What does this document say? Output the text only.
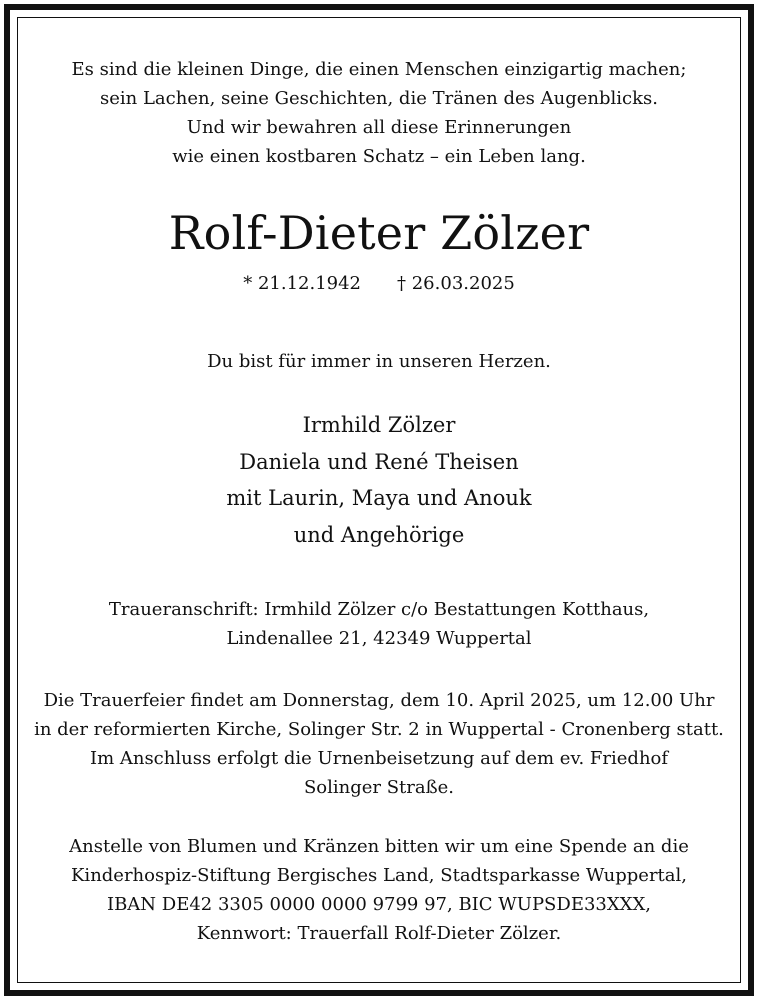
Es sind die kleinen Dinge, die einen Menschen einzigartig machen;
sein Lachen, seine Geschichten, die Tränen des Augenblicks.
Und wir bewahren all diese Erinnerungen
wie einen kostbaren Schatz – ein Leben lang.
Rolf-Dieter Zölzer
* 21.12.1942 † 26.03.2025
Du bist für immer in unseren Herzen.
Irmhild Zölzer
Daniela und René Theisen
mit Laurin, Maya und Anouk
und Angehörige
Traueranschrift: Irmhild Zölzer c/o Bestattungen Kotthaus,
Lindenallee 21, 42349 Wuppertal
Die Trauerfeier findet am Donnerstag, dem 10. April 2025, um 12.00 Uhr
in der reformierten Kirche, Solinger Str. 2 in Wuppertal - Cronenberg statt.
Im Anschluss erfolgt die Urnenbeisetzung auf dem ev. Friedhof
Solinger Straße.
Anstelle von Blumen und Kränzen bitten wir um eine Spende an die
Kinderhospiz-Stiftung Bergisches Land, Stadtsparkasse Wuppertal,
IBAN DE42 3305 0000 0000 9799 97, BIC WUPSDE33XXX,
Kennwort: Trauerfall Rolf-Dieter Zölzer.
